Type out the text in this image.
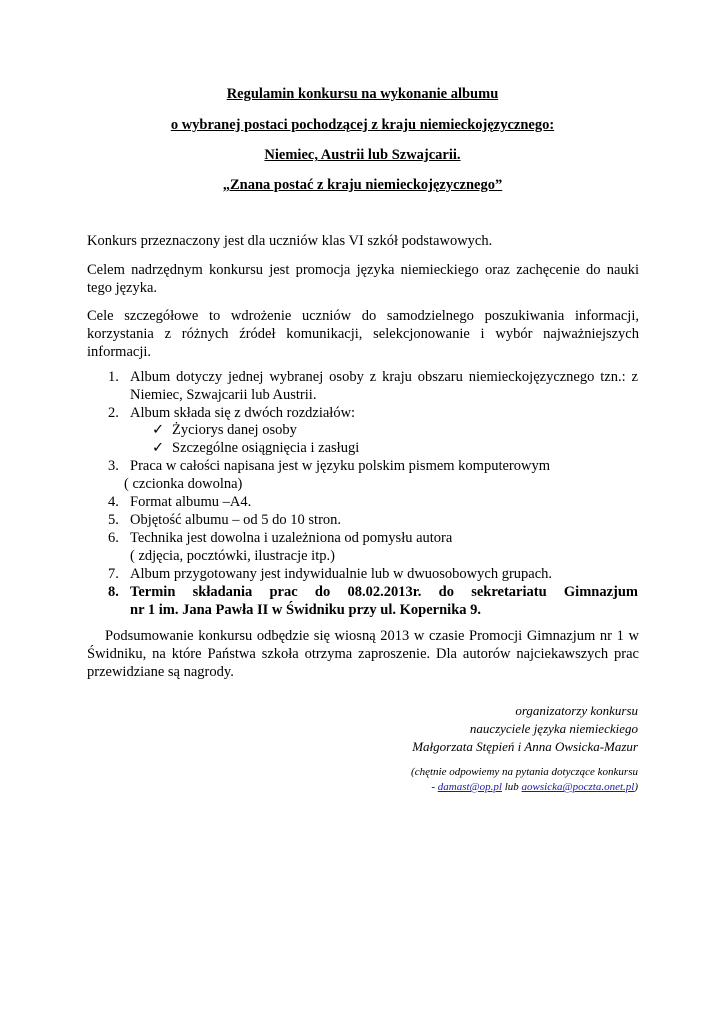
Regulamin konkursu na wykonanie albumu
o wybranej postaci pochodzącej z kraju niemieckojęzycznego:
Niemiec, Austrii lub Szwajcarii.
„Znana postać z kraju niemieckojęzycznego”
Konkurs przeznaczony jest dla uczniów klas VI szkół podstawowych.
Celem nadrzędnym konkursu jest promocja języka niemieckiego oraz zachęcenie do nauki
tego języka.
Cele szczegółowe to wdrożenie uczniów do samodzielnego poszukiwania informacji,
korzystania z różnych źródeł komunikacji, selekcjonowanie i wybór najważniejszych
informacji.
1. Album dotyczy jednej wybranej osoby z kraju obszaru niemieckojęzycznego tzn.: z
Niemiec, Szwajcarii lub Austrii.
2. Album składa się z dwóch rozdziałów:
✓ Życiorys danej osoby
✓ Szczególne osiągnięcia i zasługi
3. Praca w całości napisana jest w języku polskim pismem komputerowym
( czcionka dowolna)
4. Format albumu –A4.
5. Objętość albumu – od 5 do 10 stron.
6. Technika jest dowolna i uzależniona od pomysłu autora
( zdjęcia, pocztówki, ilustracje itp.)
7. Album przygotowany jest indywidualnie lub w dwuosobowych grupach.
8. Termin składania prac do 08.02.2013r. do sekretariatu Gimnazjum
nr 1 im. Jana Pawła II w Świdniku przy ul. Kopernika 9.
Podsumowanie konkursu odbędzie się wiosną 2013 w czasie Promocji Gimnazjum nr 1 w
Świdniku, na które Państwa szkoła otrzyma zaproszenie. Dla autorów najciekawszych prac
przewidziane są nagrody.
organizatorzy konkursu
nauczyciele języka niemieckiego
Małgorzata Stępień i Anna Owsicka-Mazur
(chętnie odpowiemy na pytania dotyczące konkursu
- damast@op.pl lub aowsicka@poczta.onet.pl)
